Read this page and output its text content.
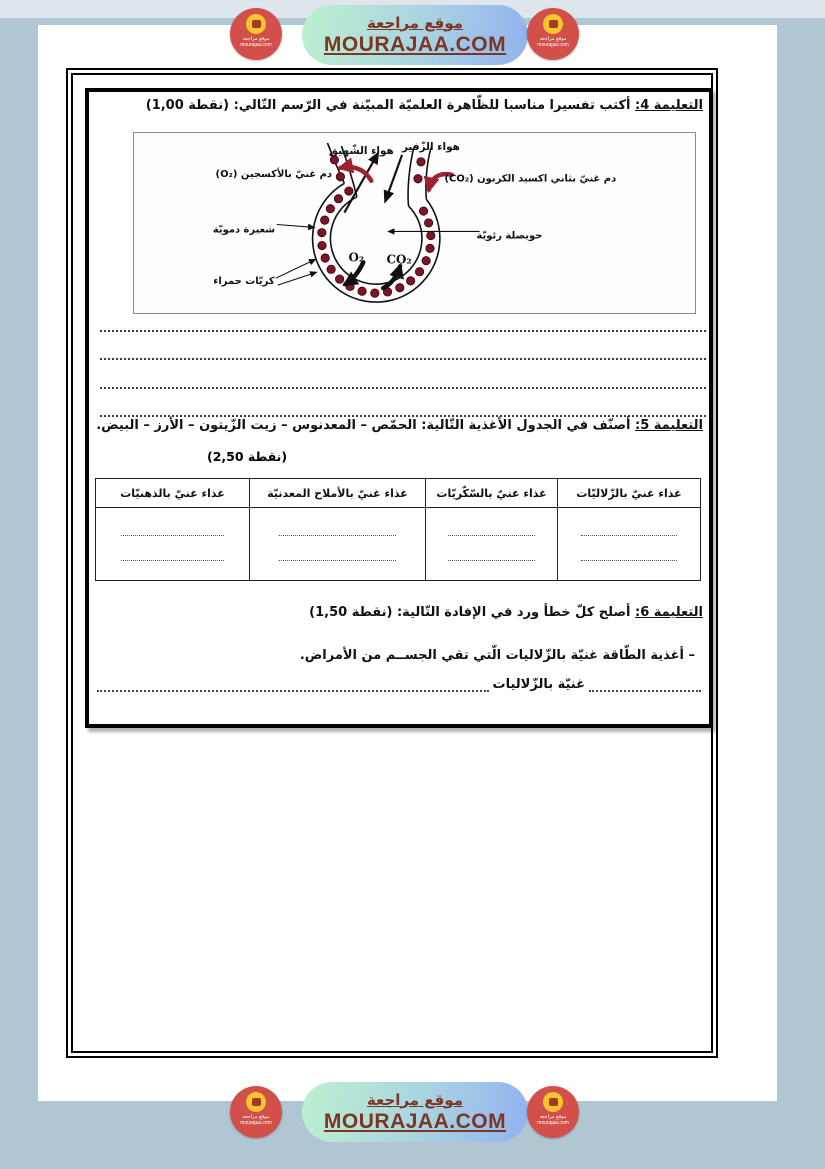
موقع مراجعة
mourajaa.com
موقع مراجعة
MOURAJAA.COM	موقع مراجعة
mourajaa.com
التعليمة 4: أكتب تفسيرا مناسبا للظّاهرة العلميّة المبيّنة في الرّسم التّالي: (1,00 نقطة)
هواء الشّهيق هواء الزّفير
دم غنيّ بالأكسجين (O₂)	دم غنيّ بثاني اكسيد الكربون (CO₂)
شعيرة دمويّة
حويصلة رئويّة
كريّات حمراء
O₂ CO₂
التعليمة 5: أصنّف في الجدول الأغذية التّالية: الحمّص – المعدنوس – زيت الزّيتون – الأرز – البيض.
(2,50 نقطة)
غذاء غنيّ بالزّلاليّات	غذاء غنيّ بالسّكّريّات	غذاء غنيّ بالأملاح المعدنيّة	غذاء غنيّ بالذهنيّات

التعليمة 6: أصلح كلّ خطأ ورد في الإفادة التّالية: (1,50 نقطة)
– أغذية الطّاقة غنيّة بالزّلاليات الّتي تقي الجســم من الأمراض.
غنيّة بالزّلاليات
موقع مراجعة
mourajaa.com
موقع مراجعة
MOURAJAA.COM	موقع مراجعة
mourajaa.com
